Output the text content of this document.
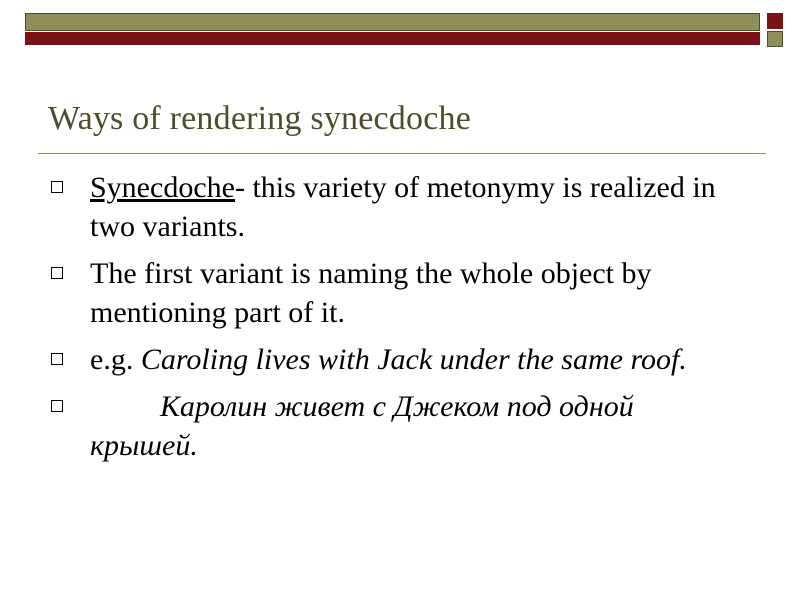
Ways of rendering synecdoche
Synecdoche- this variety of metonymy is realized in two variants.
The first variant is naming the whole object by mentioning part of it.
e.g. Caroling lives with Jack under the same roof.
Каролин живет с Джеком под одной крышей.
